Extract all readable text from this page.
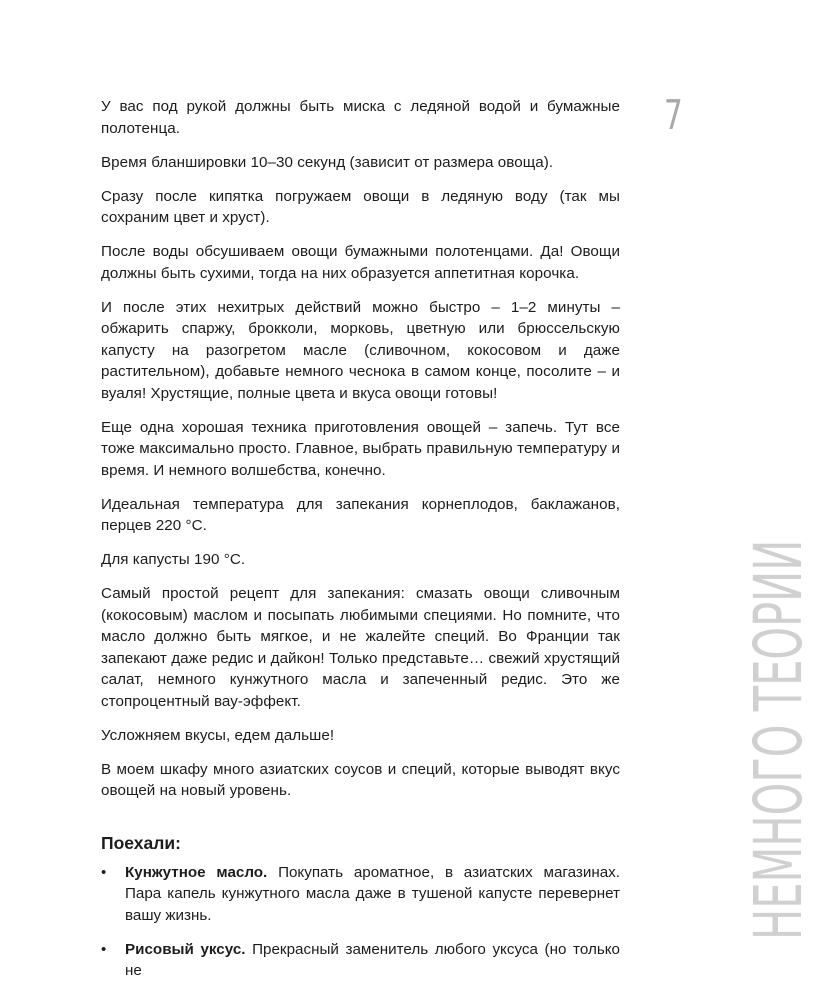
7
НЕМНОГО ТЕОРИИ

У вас под рукой должны быть миска с ледяной водой и бумажные полотенца.

Время бланшировки 10–30 секунд (зависит от размера овоща).

Сразу после кипятка погружаем овощи в ледяную воду (так мы сохраним цвет и хруст).

После воды обсушиваем овощи бумажными полотенцами. Да! Овощи должны быть сухими, тогда на них образуется аппетитная корочка.

И после этих нехитрых действий можно быстро – 1–2 минуты – обжарить спаржу, брокколи, морковь, цветную или брюссельскую капусту на разогретом масле (сливочном, кокосовом и даже растительном), добавьте немного чеснока в самом конце, посолите – и вуаля! Хрустящие, полные цвета и вкуса овощи готовы!

Еще одна хорошая техника приготовления овощей – запечь. Тут все тоже максимально просто. Главное, выбрать правильную температуру и время. И немного волшебства, конечно.

Идеальная температура для запекания корнеплодов, баклажанов, перцев 220 °С.

Для капусты 190 °С.

Самый простой рецепт для запекания: смазать овощи сливочным (кокосовым) маслом и посыпать любимыми специями. Но помните, что масло должно быть мягкое, и не жалейте специй. Во Франции так запекают даже редис и дайкон! Только представьте… свежий хрустящий салат, немного кунжутного масла и запеченный редис. Это же стопроцентный вау-эффект.

Усложняем вкусы, едем дальше!

В моем шкафу много азиатских соусов и специй, которые выводят вкус овощей на новый уровень.

Поехали:
• Кунжутное масло. Покупать ароматное, в азиатских магазинах. Пара капель кунжутного масла даже в тушеной капусте перевернет вашу жизнь.
• Рисовый уксус. Прекрасный заменитель любого уксуса (но только не
